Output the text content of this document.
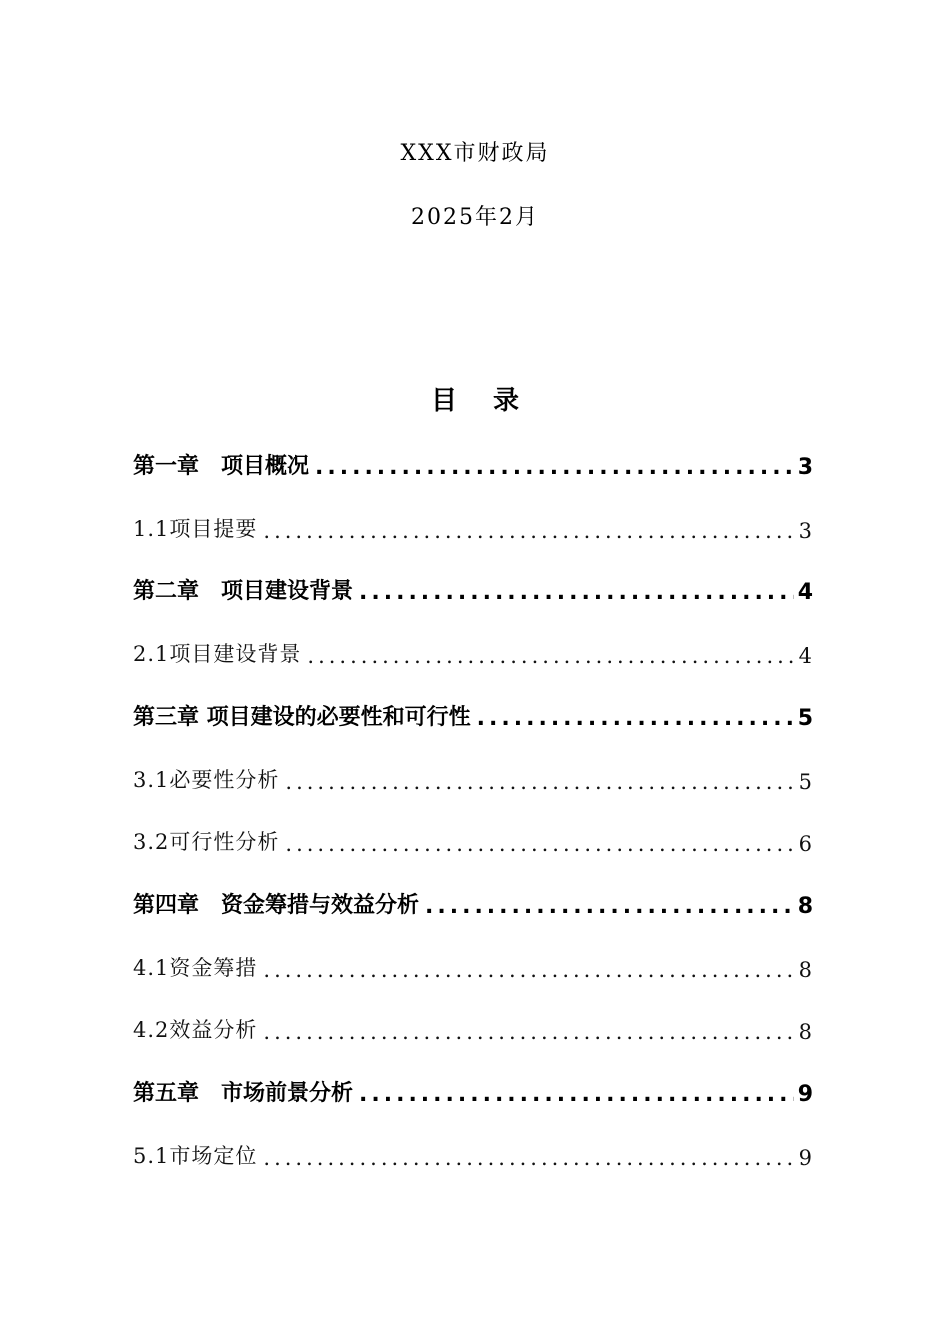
XXX市财政局
2025年2月
目 录
第一章　项目概况 .....	3
1.1项目提要 .....	3
第二章　项目建设背景 .....	4
2.1项目建设背景 .....	4
第三章 项目建设的必要性和可行性 .....	5
3.1必要性分析 .....	5
3.2可行性分析 .....	6
第四章　资金筹措与效益分析 .....	8
4.1资金筹措 .....	8
4.2效益分析 .....	8
第五章　市场前景分析 .....	9
5.1市场定位 .....	9
